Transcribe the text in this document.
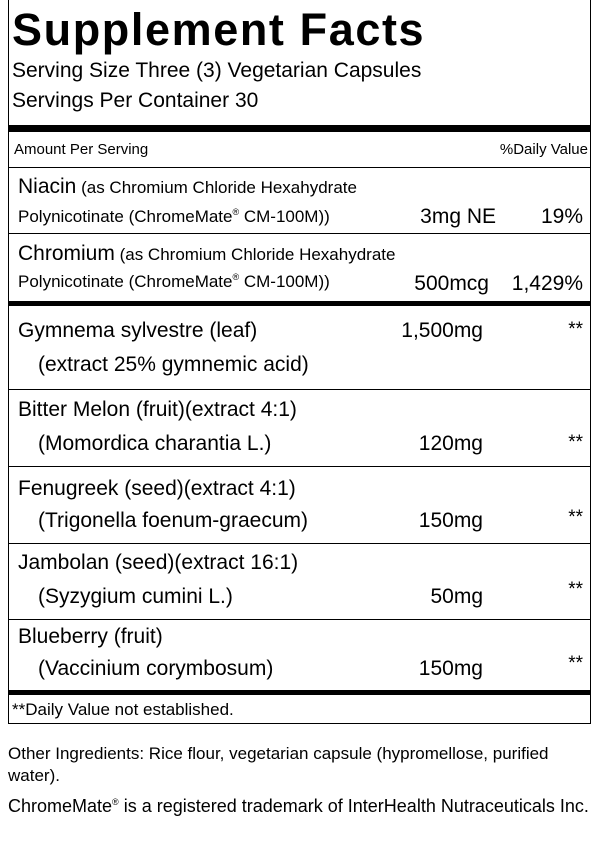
Supplement Facts
Serving Size Three (3) Vegetarian Capsules
Servings Per Container 30
Amount Per Serving	%Daily Value
Niacin (as Chromium Chloride Hexahydrate
Polynicotinate (ChromeMate® CM-100M))	3mg NE 19%
Chromium (as Chromium Chloride Hexahydrate
Polynicotinate (ChromeMate® CM-100M))	500mcg 1,429%
Gymnema sylvestre (leaf)
(extract 25% gymnemic acid)
1,500mg	**
Bitter Melon (fruit)(extract 4:1)
(Momordica charantia L.)	120mg	**
Fenugreek (seed)(extract 4:1)
(Trigonella foenum-graecum)	150mg	**
Jambolan (seed)(extract 16:1)
(Syzygium cumini L.)	50mg	**
Blueberry (fruit)
(Vaccinium corymbosum)	150mg	**
**Daily Value not established.
Other Ingredients: Rice flour, vegetarian capsule (hypromellose, purified water).
ChromeMate® is a registered trademark of InterHealth Nutraceuticals Inc.
